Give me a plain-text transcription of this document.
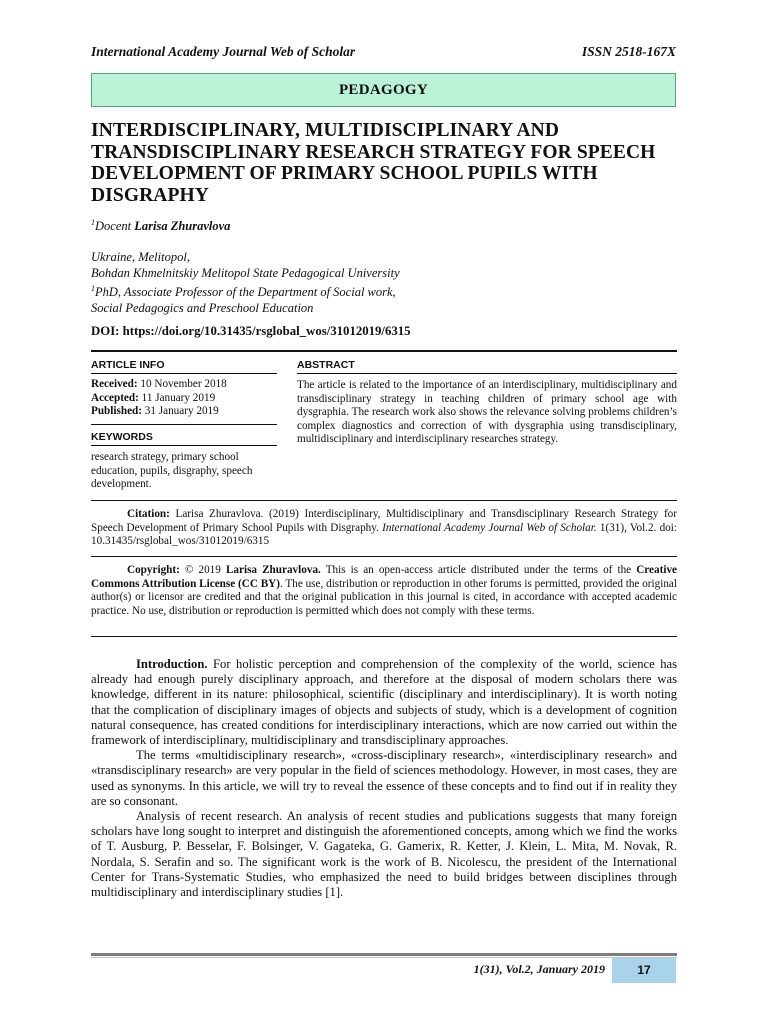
International Academy Journal Web of Scholar	ISSN 2518-167X
PEDAGOGY
INTERDISCIPLINARY, MULTIDISCIPLINARY AND TRANSDISCIPLINARY RESEARCH STRATEGY FOR SPEECH DEVELOPMENT OF PRIMARY SCHOOL PUPILS WITH DISGRAPHY
$^1$Docent Larisa Zhuravlova
Ukraine, Melitopol,
Bohdan Khmelnitskiy Melitopol State Pedagogical University
$^1$PhD, Associate Professor of the Department of Social work,
Social Pedagogics and Preschool Education
DOI: https://doi.org/10.31435/rsglobal_wos/31012019/6315
ARTICLE INFO
Received: 10 November 2018
Accepted: 11 January 2019
Published: 31 January 2019
KEYWORDS
research strategy, primary school education, pupils, disgraphy, speech development.
ABSTRACT
The article is related to the importance of an interdisciplinary, multidisciplinary and transdisciplinary strategy in teaching children of primary school age with dysgraphia. The research work also shows the relevance solving problems children’s complex diagnostics and correction of with dysgraphia using transdisciplinary, multidisciplinary and interdisciplinary researches strategy.
Citation: Larisa Zhuravlova. (2019) Interdisciplinary, Multidisciplinary and Transdisciplinary Research Strategy for Speech Development of Primary School Pupils with Disgraphy. International Academy Journal Web of Scholar. 1(31), Vol.2. doi: 10.31435/rsglobal_wos/31012019/6315
Copyright: © 2019 Larisa Zhuravlova. This is an open-access article distributed under the terms of the Creative Commons Attribution License (CC BY). The use, distribution or reproduction in other forums is permitted, provided the original author(s) or licensor are credited and that the original publication in this journal is cited, in accordance with accepted academic practice. No use, distribution or reproduction is permitted which does not comply with these terms.

Introduction. For holistic perception and comprehension of the complexity of the world, science has already had enough purely disciplinary approach, and therefore at the disposal of modern scholars there was knowledge, different in its nature: philosophical, scientific (disciplinary and interdisciplinary). It is worth noting that the complication of disciplinary images of objects and subjects of study, which is a development of cognition natural consequence, has created conditions for interdisciplinary interactions, which are now carried out within the framework of interdisciplinary, multidisciplinary and transdisciplinary approaches.

The terms «multidisciplinary research», «cross-disciplinary research», «interdisciplinary research» and «transdisciplinary research» are very popular in the field of sciences methodology. However, in most cases, they are used as synonyms. In this article, we will try to reveal the essence of these concepts and to find out if in reality they are so consonant.

Analysis of recent research. An analysis of recent studies and publications suggests that many foreign scholars have long sought to interpret and distinguish the aforementioned concepts, among which we find the works of T. Ausburg, P. Besselar, F. Bolsinger, V. Gagateka, G. Gamerix, R. Ketter, J. Klein, L. Mita, M. Novak, R. Nordala, S. Serafin and so. The significant work is the work of B. Nicolescu, the president of the International Center for Trans-Systematic Studies, who emphasized the need to build bridges between disciplines through multidisciplinary and interdisciplinary studies [1].

1(31), Vol.2, January 2019	17
